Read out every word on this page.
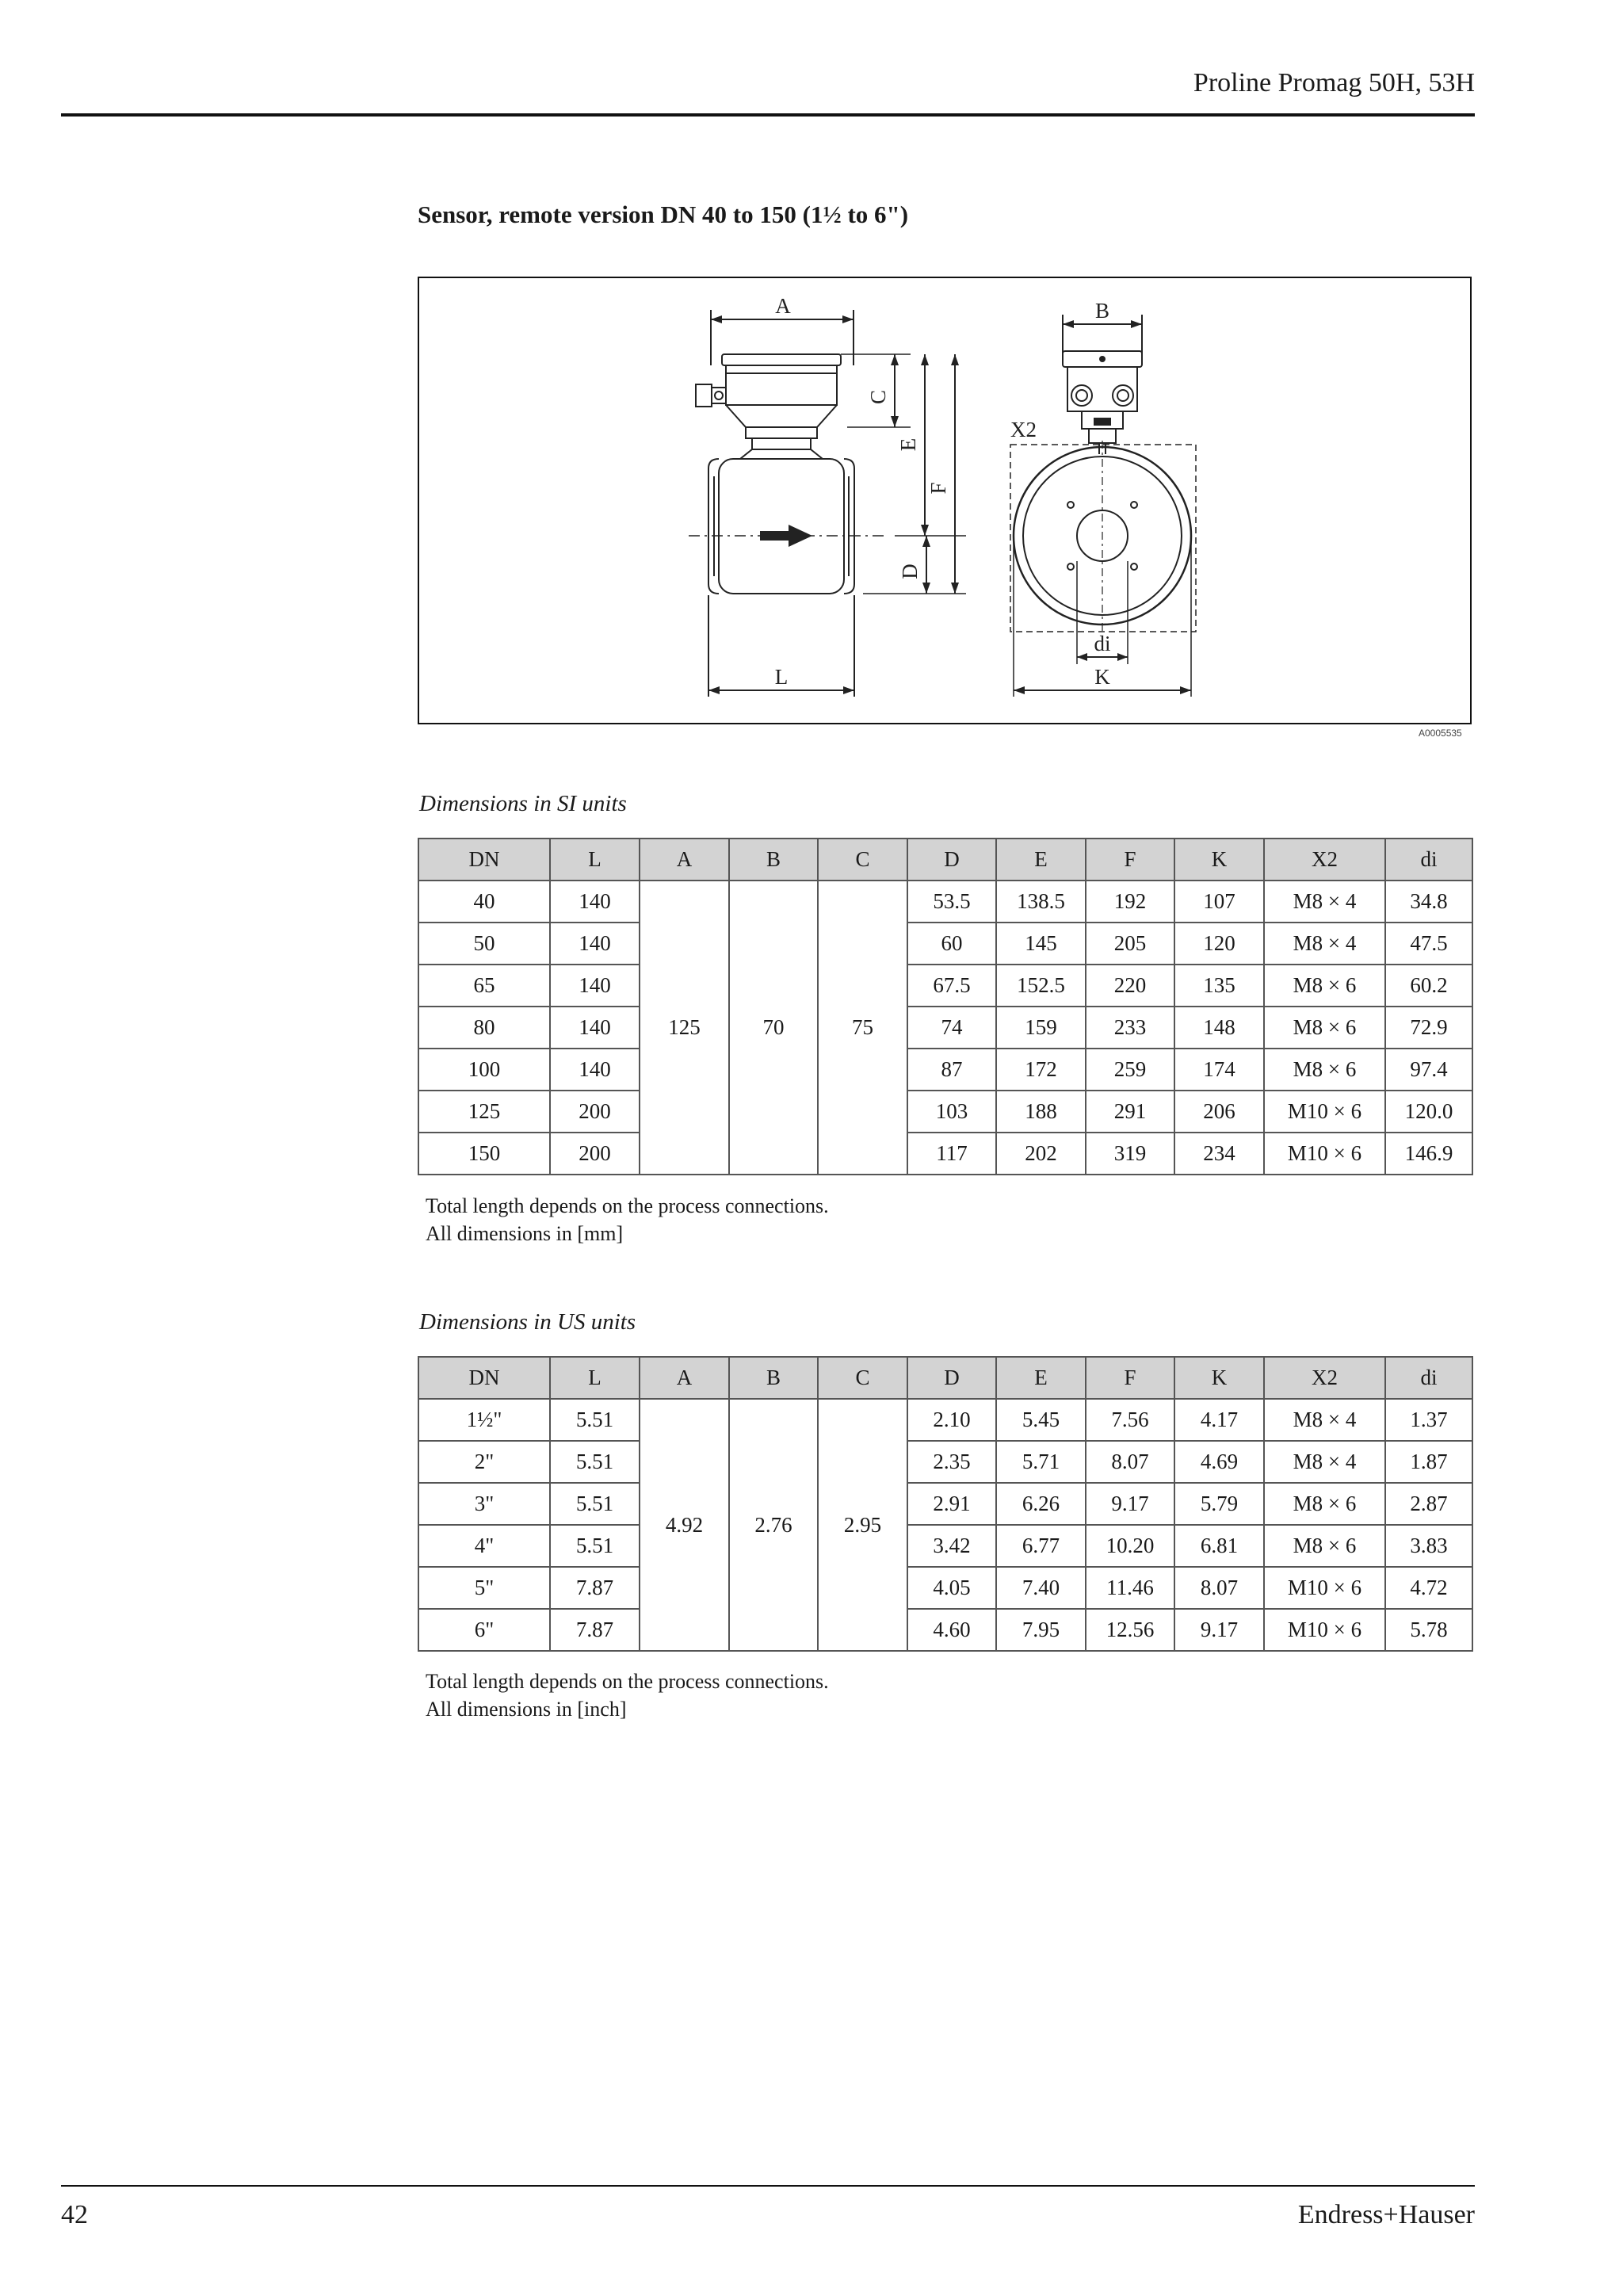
Proline Promag 50H, 53H
Sensor, remote version DN 40 to 150 (1½ to 6")
A
C
E
F
D
L
B
X2
di
K
A0005535
Dimensions in SI units
DN	L	A	B	C	D	E	F	K	X2	di
40	140	125	70	75	53.5	138.5	192	107	M8 × 4	34.8
50	140				60	145	205	120	M8 × 4	47.5
65	140				67.5	152.5	220	135	M8 × 6	60.2
80	140				74	159	233	148	M8 × 6	72.9
100	140				87	172	259	174	M8 × 6	97.4
125	200				103	188	291	206	M10 × 6	120.0
150	200				117	202	319	234	M10 × 6	146.9
Total length depends on the process connections.
All dimensions in [mm]
Dimensions in US units
DN	L	A	B	C	D	E	F	K	X2	di
1½"	5.51	4.92	2.76	2.95	2.10	5.45	7.56	4.17	M8 × 4	1.37
2"	5.51				2.35	5.71	8.07	4.69	M8 × 4	1.87
3"	5.51				2.91	6.26	9.17	5.79	M8 × 6	2.87
4"	5.51				3.42	6.77	10.20	6.81	M8 × 6	3.83
5"	7.87				4.05	7.40	11.46	8.07	M10 × 6	4.72
6"	7.87				4.60	7.95	12.56	9.17	M10 × 6	5.78
Total length depends on the process connections.
All dimensions in [inch]
42	Endress+Hauser
